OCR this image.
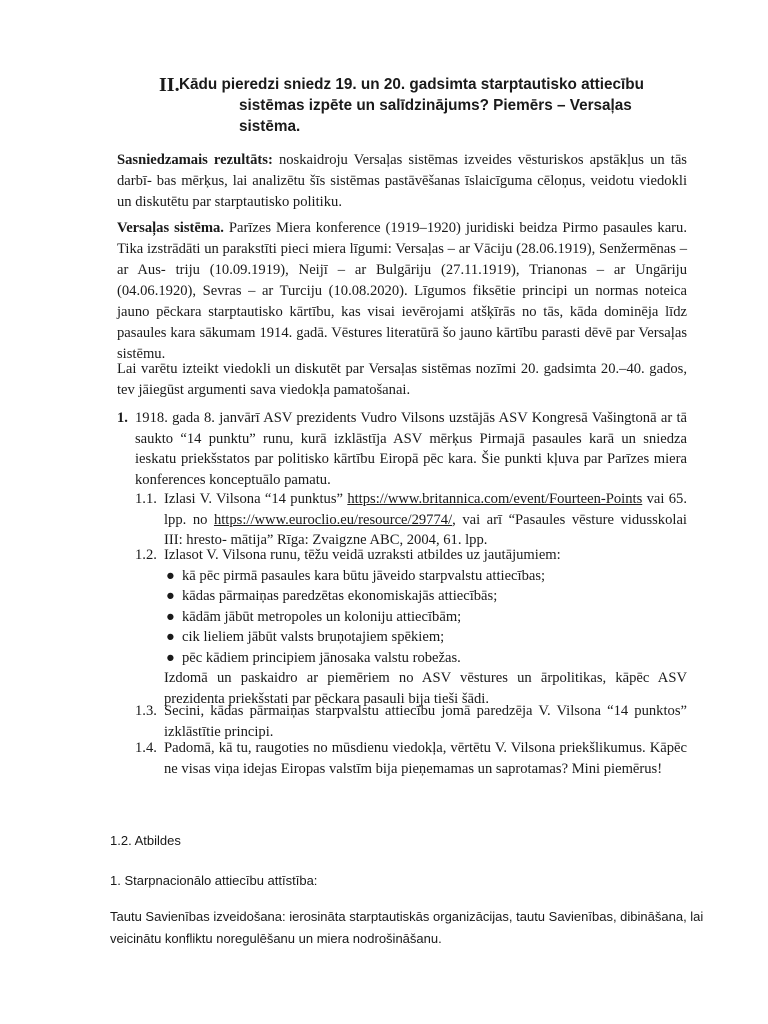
II. Kādu pieredzi sniedz 19. un 20. gadsimta starptautisko attiecību
sistēmas izpēte un salīdzinājums? Piemērs – Versaļas
sistēma.
Sasniedzamais rezultāts: noskaidroju Versaļas sistēmas izveides vēsturiskos apstākļus un tās darbī- bas mērķus, lai analizētu šīs sistēmas pastāvēšanas īslaicīguma cēloņus, veidotu viedokli un diskutētu par starptautisko politiku.
Versaļas sistēma. Parīzes Miera konference (1919–1920) juridiski beidza Pirmo pasaules karu. Tika izstrādāti un parakstīti pieci miera līgumi: Versaļas – ar Vāciju (28.06.1919), Senžermēnas – ar Aus- triju (10.09.1919), Neijī – ar Bulgāriju (27.11.1919), Trianonas – ar Ungāriju (04.06.1920), Sevras – ar Turciju (10.08.2020). Līgumos fiksētie principi un normas noteica jauno pēckara starptautisko kārtību, kas visai ievērojami atšķīrās no tās, kāda dominēja līdz pasaules kara sākumam 1914. gadā. Vēstures literatūrā šo jauno kārtību parasti dēvē par Versaļas sistēmu.
Lai varētu izteikt viedokli un diskutēt par Versaļas sistēmas nozīmi 20. gadsimta 20.–40. gados, tev jāiegūst argumenti sava viedokļa pamatošanai.
1. 1918. gada 8. janvārī ASV prezidents Vudro Vilsons uzstājās ASV Kongresā Vašingtonā ar tā saukto “14 punktu” runu, kurā izklāstīja ASV mērķus Pirmajā pasaules karā un sniedza ieskatu priekšstatos par politisko kārtību Eiropā pēc kara. Šie punkti kļuva par Parīzes miera konferences konceptuālo pamatu.
1.1. Izlasi V. Vilsona “14 punktus” https://www.britannica.com/event/Fourteen-Points vai 65. lpp. no https://www.euroclio.eu/resource/29774/, vai arī “Pasaules vēsture vidusskolai III: hresto- mātija” Rīga: Zvaigzne ABC, 2004, 61. lpp.
1.2. Izlasot V. Vilsona runu, tēžu veidā uzraksti atbildes uz jautājumiem:
● kā pēc pirmā pasaules kara būtu jāveido starpvalstu attiecības;
● kādas pārmaiņas paredzētas ekonomiskajās attiecībās;
● kādām jābūt metropoles un koloniju attiecībām;
● cik lieliem jābūt valsts bruņotajiem spēkiem;
● pēc kādiem principiem jānosaka valstu robežas.
Izdomā un paskaidro ar piemēriem no ASV vēstures un ārpolitikas, kāpēc ASV prezidenta priekšstati par pēckara pasauli bija tieši šādi.
1.3. Secini, kādas pārmaiņas starpvalstu attiecību jomā paredzēja V. Vilsona “14 punktos” izklāstītie principi.
1.4. Padomā, kā tu, raugoties no mūsdienu viedokļa, vērtētu V. Vilsona priekšlikumus. Kāpēc ne visas viņa idejas Eiropas valstīm bija pieņemamas un saprotamas? Mini piemērus!
1.2. Atbildes
1. Starpnacionālo attiecību attīstība:
Tautu Savienības izveidošana: ierosināta starptautiskās organizācijas, tautu Savienības, dibināšana, lai veicinātu konfliktu noregulēšanu un miera nodrošināšanu.
